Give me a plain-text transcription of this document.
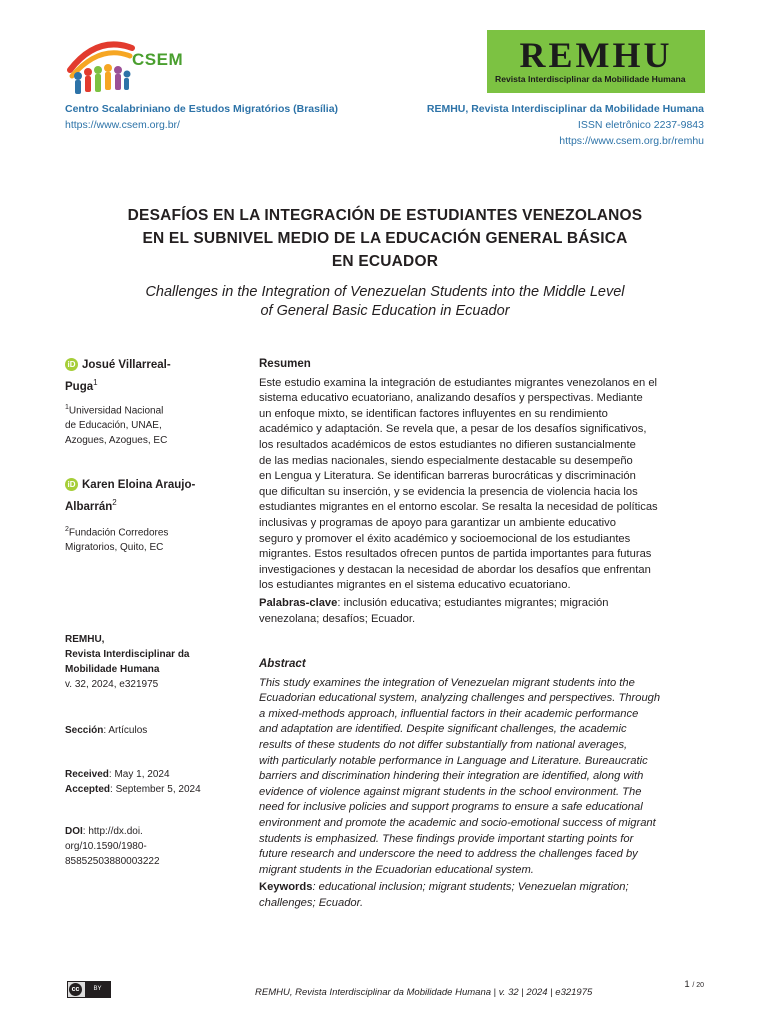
CSEM	REMHU
Revista Interdisciplinar da Mobilidade Humana
Centro Scalabriniano de Estudos Migratórios (Brasília)
https://www.csem.org.br/
REMHU, Revista Interdisciplinar da Mobilidade Humana
ISSN eletrônico 2237-9843
https://www.csem.org.br/remhu
DESAFÍOS EN LA INTEGRACIÓN DE ESTUDIANTES VENEZOLANOS
EN EL SUBNIVEL MEDIO DE LA EDUCACIÓN GENERAL BÁSICA
EN ECUADOR
Challenges in the Integration of Venezuelan Students into the Middle Level
of General Basic Education in Ecuador
iD Josué Villarreal-
Puga$^1$
$^1$Universidad Nacional
de Educación, UNAE,
Azogues, Azogues, EC
iD Karen Eloina Araujo-
Albarrán$^2$
$^2$Fundación Corredores
Migratorios, Quito, EC
REMHU,
Revista Interdisciplinar da
Mobilidade Humana
v. 32, 2024, e321975
Sección: Artículos
Received: May 1, 2024
Accepted: September 5, 2024
DOI: http://dx.doi.
org/10.1590/1980-
85852503880003222
Resumen
Este estudio examina la integración de estudiantes migrantes venezolanos en el
sistema educativo ecuatoriano, analizando desafíos y perspectivas. Mediante
un enfoque mixto, se identifican factores influyentes en su rendimiento
académico y adaptación. Se revela que, a pesar de los desafíos significativos,
los resultados académicos de estos estudiantes no difieren sustancialmente
de las medias nacionales, siendo especialmente destacable su desempeño
en Lengua y Literatura. Se identifican barreras burocráticas y discriminación
que dificultan su inserción, y se evidencia la presencia de violencia hacia los
estudiantes migrantes en el entorno escolar. Se resalta la necesidad de políticas
inclusivas y programas de apoyo para garantizar un ambiente educativo
seguro y promover el éxito académico y socioemocional de los estudiantes
migrantes. Estos resultados ofrecen puntos de partida importantes para futuras
investigaciones y destacan la necesidad de abordar los desafíos que enfrentan
los estudiantes migrantes en el sistema educativo ecuatoriano.
Palabras-clave: inclusión educativa; estudiantes migrantes; migración
venezolana; desafíos; Ecuador.
Abstract
This study examines the integration of Venezuelan migrant students into the
Ecuadorian educational system, analyzing challenges and perspectives. Through
a mixed-methods approach, influential factors in their academic performance
and adaptation are identified. Despite significant challenges, the academic
results of these students do not differ substantially from national averages,
with particularly notable performance in Language and Literature. Bureaucratic
barriers and discrimination hindering their integration are identified, along with
evidence of violence against migrant students in the school environment. The
need for inclusive policies and support programs to ensure a safe educational
environment and promote the academic and socio-emotional success of migrant
students is emphasized. These findings provide important starting points for
future research and underscore the need to address the challenges faced by
migrant students in the Ecuadorian educational system.
Keywords: educational inclusion; migrant students; Venezuelan migration;
challenges; Ecuador.
cc	BY	REMHU, Revista Interdisciplinar da Mobilidade Humana | v. 32 | 2024 | e321975
1 / 20
